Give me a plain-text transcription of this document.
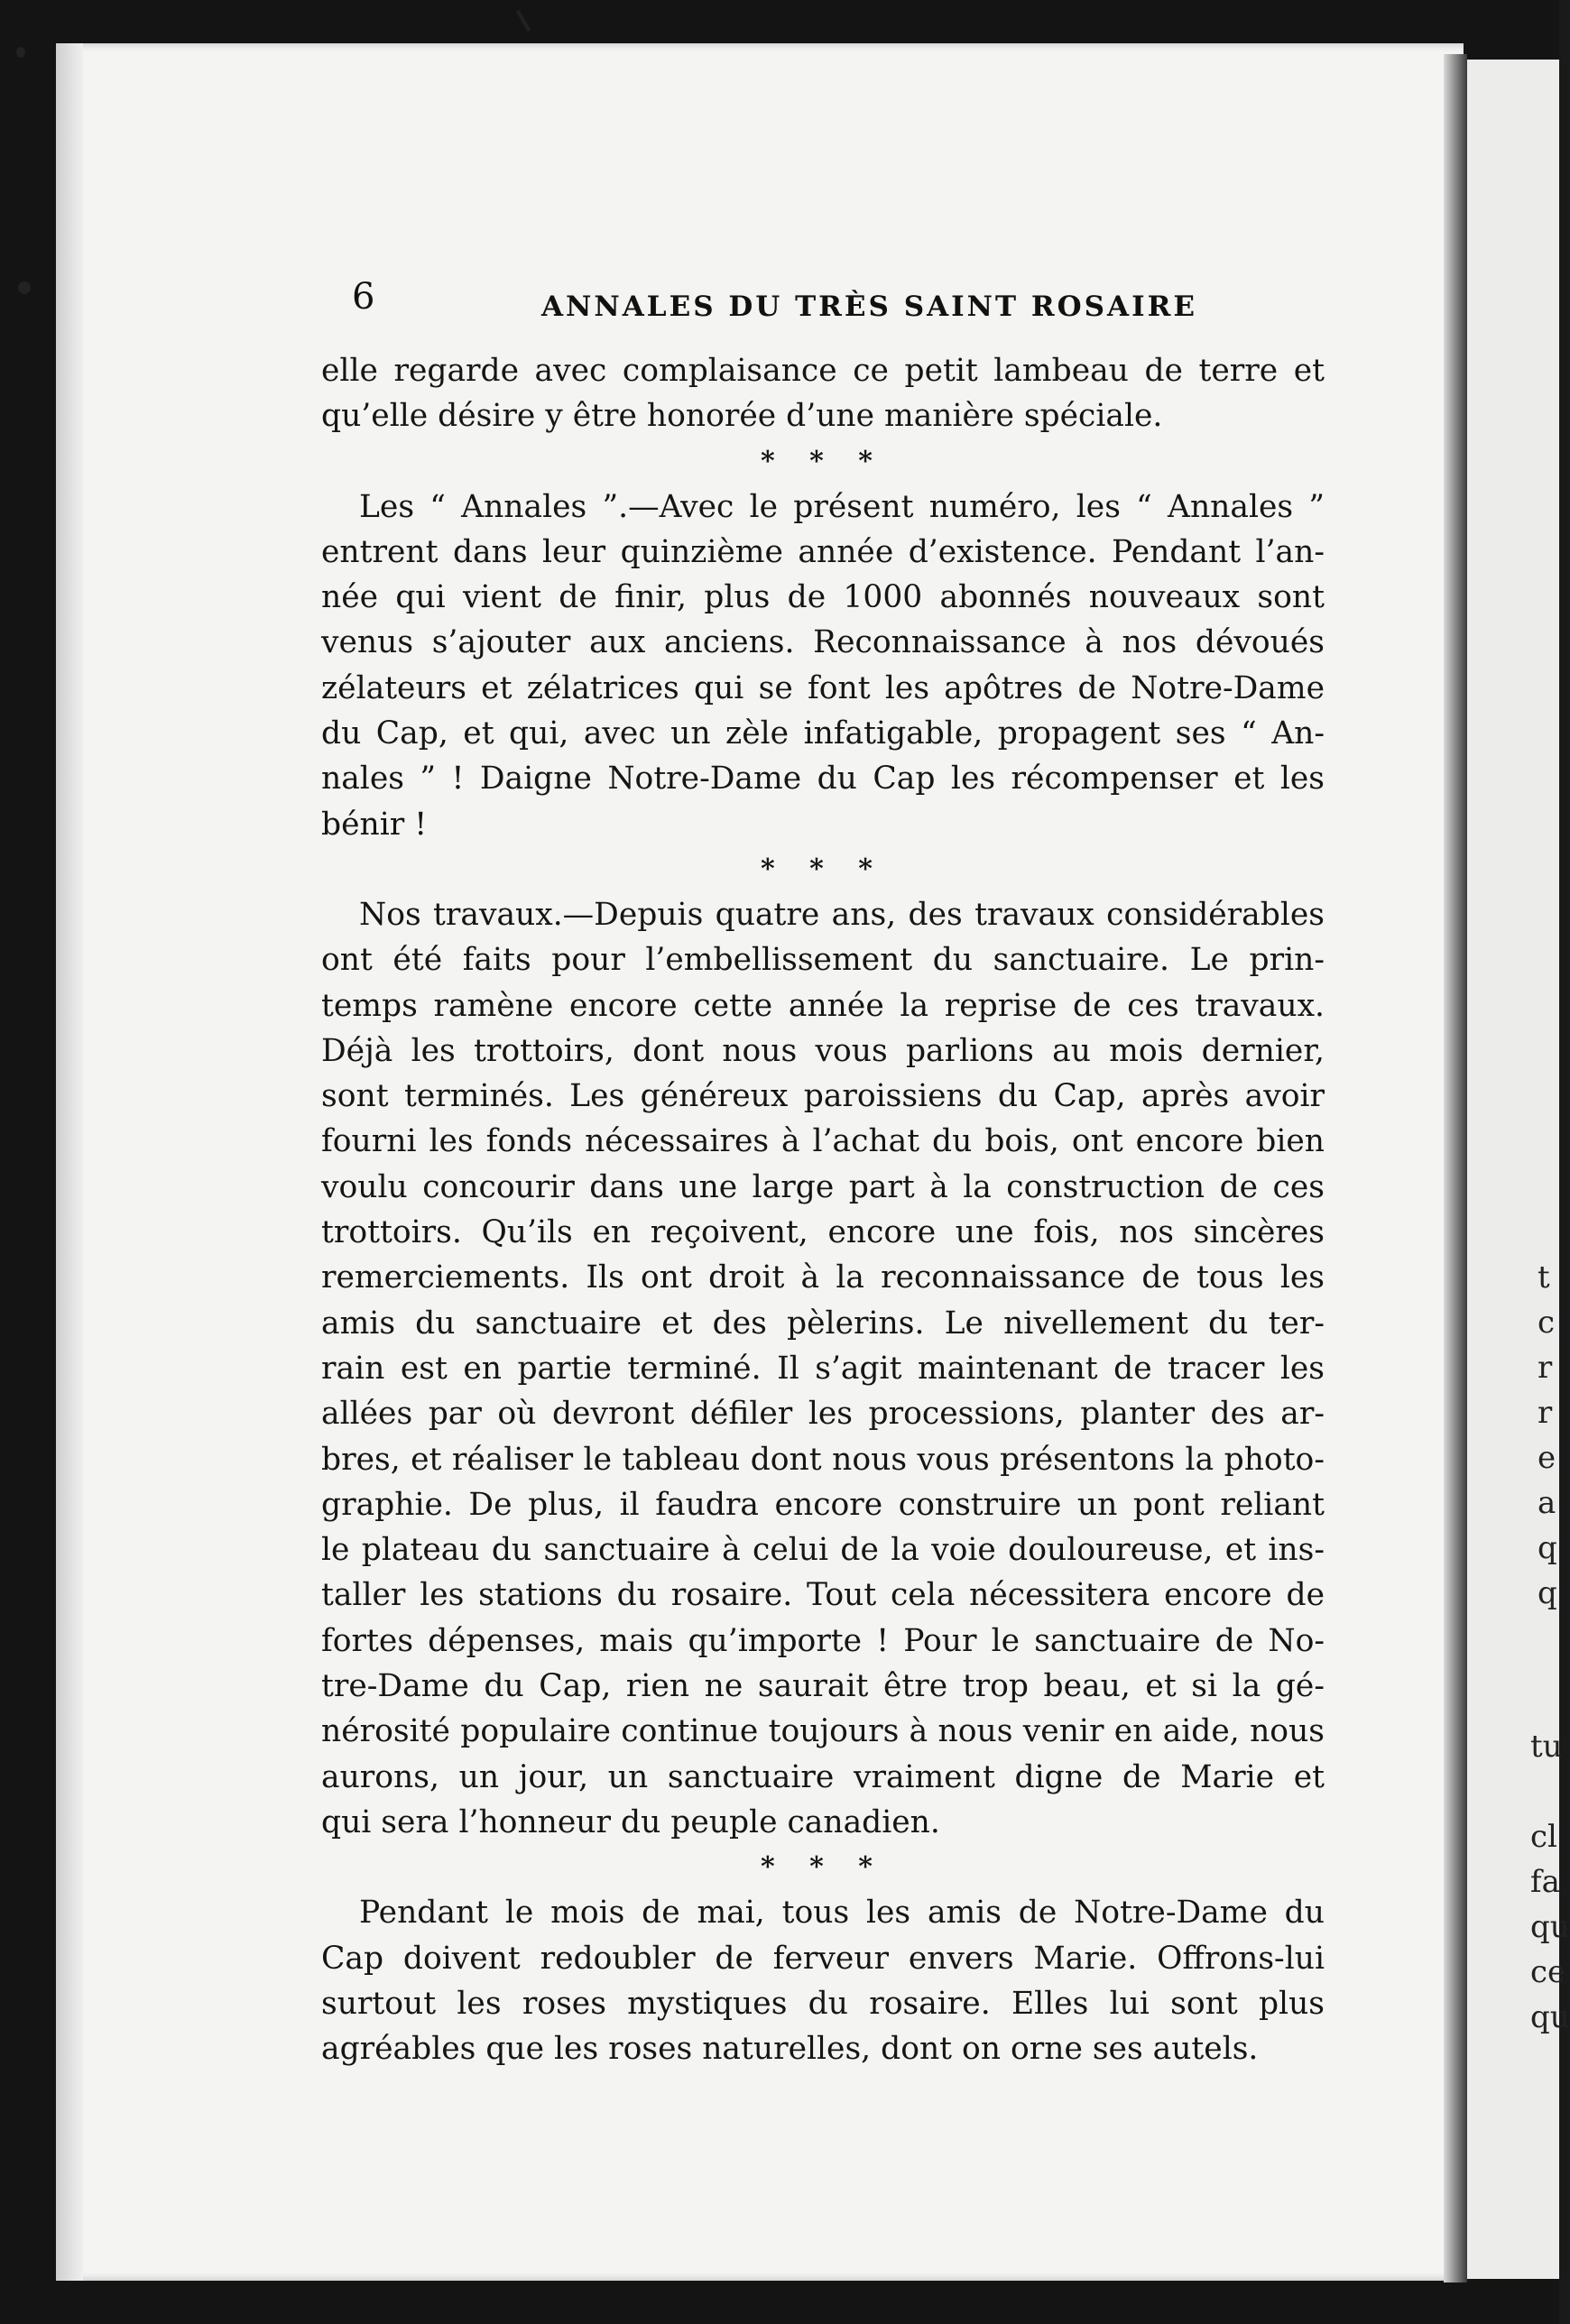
t
c
r
r
e
a
q
q
tu
cl
fa
qu
ce
qu
6	ANNALES DU TRÈS SAINT ROSAIRE
elle regarde avec complaisance ce petit lambeau de terre et
qu’elle désire y être honorée d’une manière spéciale.
* * *
Les “ Annales ”.—Avec le présent numéro, les “ Annales ”
entrent dans leur quinzième année d’existence. Pendant l’an-
née qui vient de finir, plus de 1000 abonnés nouveaux sont
venus s’ajouter aux anciens. Reconnaissance à nos dévoués
zélateurs et zélatrices qui se font les apôtres de Notre-Dame
du Cap, et qui, avec un zèle infatigable, propagent ses “ An-
nales ” ! Daigne Notre-Dame du Cap les récompenser et les
bénir !
* * *
Nos travaux.—Depuis quatre ans, des travaux considérables
ont été faits pour l’embellissement du sanctuaire. Le prin-
temps ramène encore cette année la reprise de ces travaux.
Déjà les trottoirs, dont nous vous parlions au mois dernier,
sont terminés. Les généreux paroissiens du Cap, après avoir
fourni les fonds nécessaires à l’achat du bois, ont encore bien
voulu concourir dans une large part à la construction de ces
trottoirs. Qu’ils en reçoivent, encore une fois, nos sincères
remerciements. Ils ont droit à la reconnaissance de tous les
amis du sanctuaire et des pèlerins. Le nivellement du ter-
rain est en partie terminé. Il s’agit maintenant de tracer les
allées par où devront défiler les processions, planter des ar-
bres, et réaliser le tableau dont nous vous présentons la photo-
graphie. De plus, il faudra encore construire un pont reliant
le plateau du sanctuaire à celui de la voie douloureuse, et ins-
taller les stations du rosaire. Tout cela nécessitera encore de
fortes dépenses, mais qu’importe ! Pour le sanctuaire de No-
tre-Dame du Cap, rien ne saurait être trop beau, et si la gé-
nérosité populaire continue toujours à nous venir en aide, nous
aurons, un jour, un sanctuaire vraiment digne de Marie et
qui sera l’honneur du peuple canadien.
* * *
Pendant le mois de mai, tous les amis de Notre-Dame du
Cap doivent redoubler de ferveur envers Marie. Offrons-lui
surtout les roses mystiques du rosaire. Elles lui sont plus
agréables que les roses naturelles, dont on orne ses autels.
